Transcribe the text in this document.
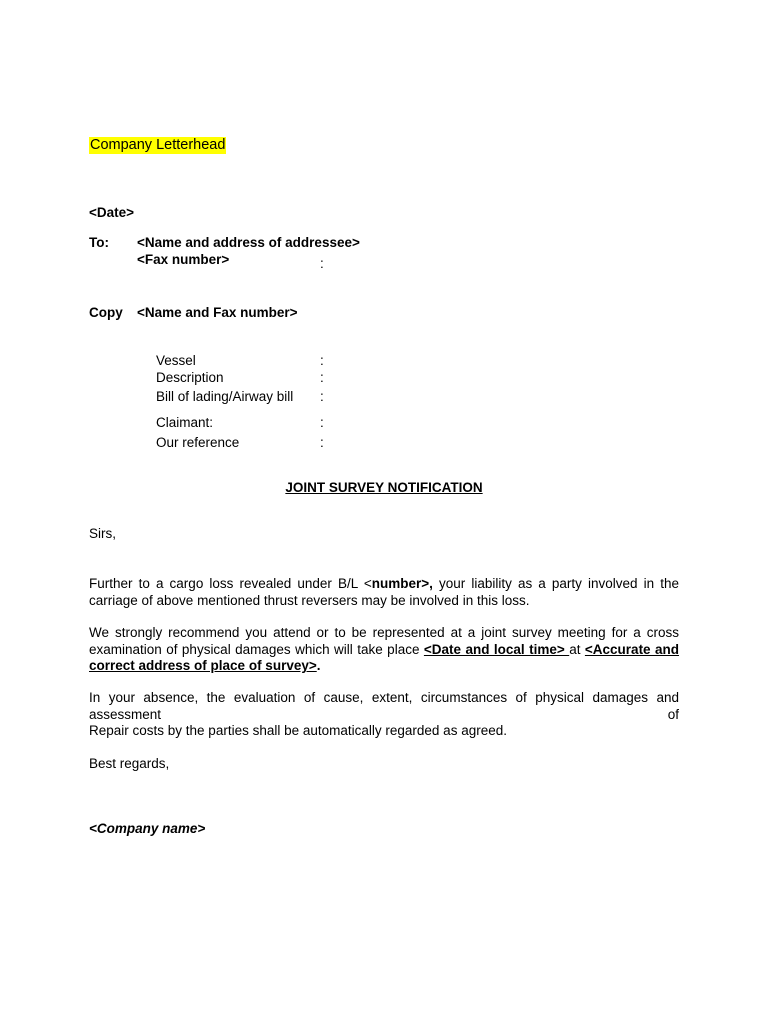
Company Letterhead
<Date>
To: <Name and address of addressee>
<Fax number>	:
Copy <Name and Fax number>
Vessel	:
Description	:
Bill of lading/Airway bill :
Claimant:	:
Our reference	:
JOINT SURVEY NOTIFICATION
Sirs,
Further to a cargo loss revealed under B/L <number>, your liability as a party involved in the carriage of above mentioned thrust reversers may be involved in this loss.
We strongly recommend you attend or to be represented at a joint survey meeting for a cross examination of physical damages which will take place <Date and local time> at <Accurate and correct address of place of survey>.
In your absence, the evaluation of cause, extent, circumstances of physical damages and assessment of
Repair costs by the parties shall be automatically regarded as agreed.
Best regards,
<Company name>
